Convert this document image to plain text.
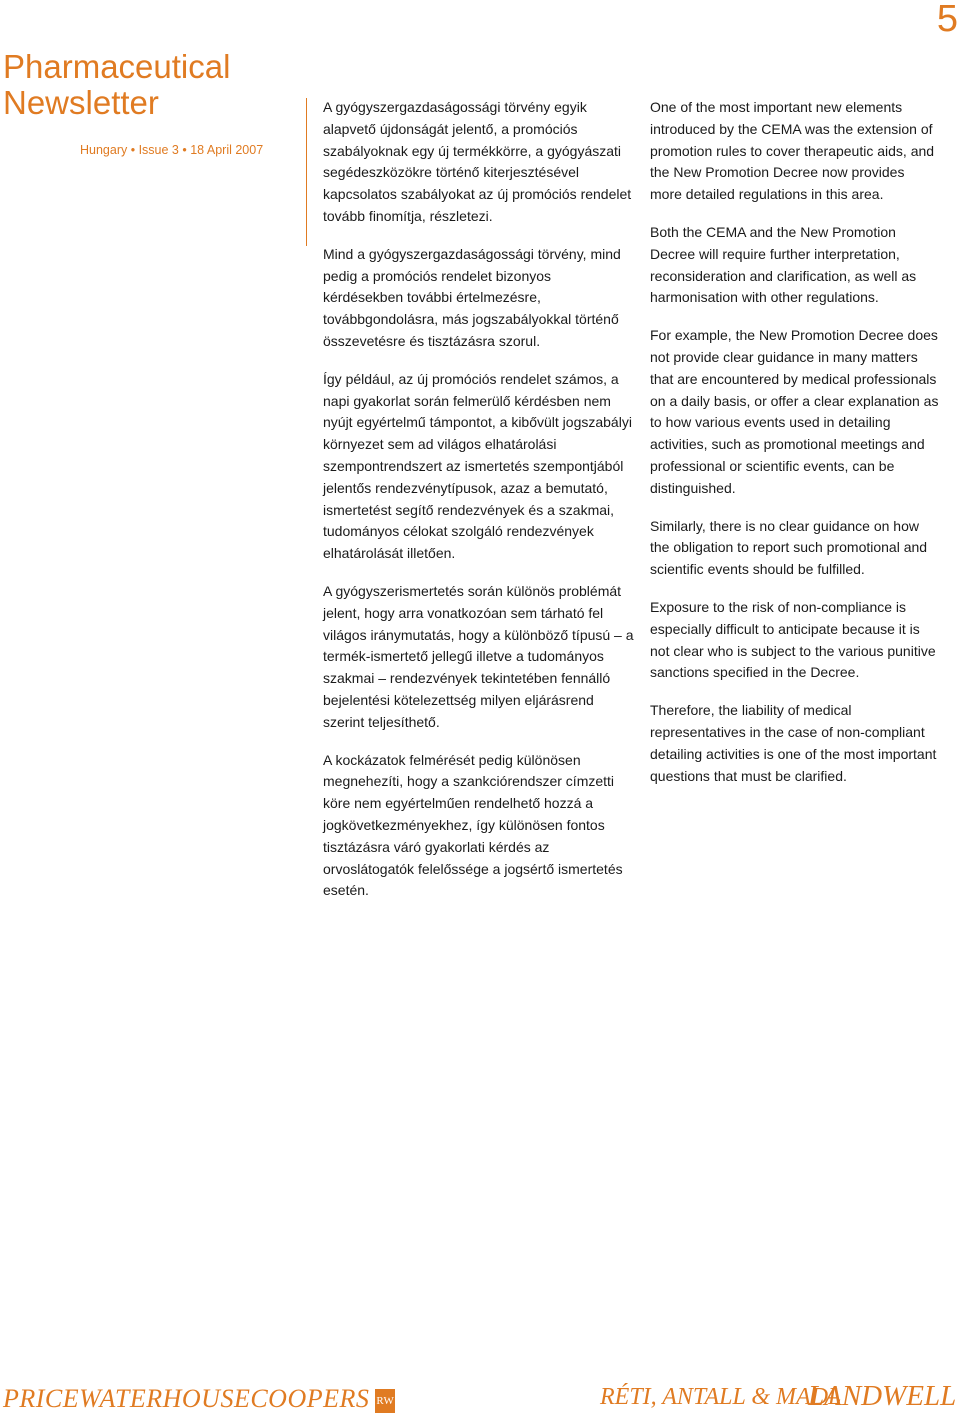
5
Pharmaceutical Newsletter
Hungary • Issue 3 • 18 April 2007

A gyógyszergazdaságossági törvény egyik alapvető újdonságát jelentő, a promóciós szabályoknak egy új termékkörre, a gyógyászati segédeszközökre történő kiterjesztésével kapcsolatos szabályokat az új promóciós rendelet tovább finomítja, részletezi.

Mind a gyógyszergazdaságossági törvény, mind pedig a promóciós rendelet bizonyos kérdésekben további értelmezésre, továbbgondolásra, más jogszabályokkal történő összevetésre és tisztázásra szorul.

Így például, az új promóciós rendelet számos, a napi gyakorlat során felmerülő kérdésben nem nyújt egyértelmű támpontot, a kibővült jogszabályi környezet sem ad világos elhatárolási szempontrendszert az ismertetés szempontjából jelentős rendezvénytípusok, azaz a bemutató, ismertetést segítő rendezvények és a szakmai, tudományos célokat szolgáló rendezvények elhatárolását illetően.

A gyógyszerismertetés során különös problémát jelent, hogy arra vonatkozóan sem tárható fel világos iránymutatás, hogy a különböző típusú – a termék-ismertető jellegű illetve a tudományos szakmai – rendezvények tekintetében fennálló bejelentési kötelezettség milyen eljárásrend szerint teljesíthető.

A kockázatok felmérését pedig különösen megnehezíti, hogy a szankciórendszer címzetti köre nem egyértelműen rendelhető hozzá a jogkövetkezményekhez, így különösen fontos tisztázásra váró gyakorlati kérdés az orvoslátogatók felelőssége a jogsértő ismertetés esetén.

One of the most important new elements introduced by the CEMA was the extension of promotion rules to cover therapeutic aids, and the New Promotion Decree now provides more detailed regulations in this area.

Both the CEMA and the New Promotion Decree will require further interpretation, reconsideration and clarification, as well as harmonisation with other regulations.

For example, the New Promotion Decree does not provide clear guidance in many matters that are encountered by medical professionals on a daily basis, or offer a clear explanation as to how various events used in detailing activities, such as promotional meetings and professional or scientific events, can be distinguished.

Similarly, there is no clear guidance on how the obligation to report such promotional and scientific events should be fulfilled.

Exposure to the risk of non-compliance is especially difficult to anticipate because it is not clear who is subject to the various punitive sanctions specified in the Decree.

Therefore, the liability of medical representatives in the case of non-compliant detailing activities is one of the most important questions that must be clarified.

PRICEWATERHOUSECOOPERS RW	RÉTI, ANTALL & MADL
LANDWELL
